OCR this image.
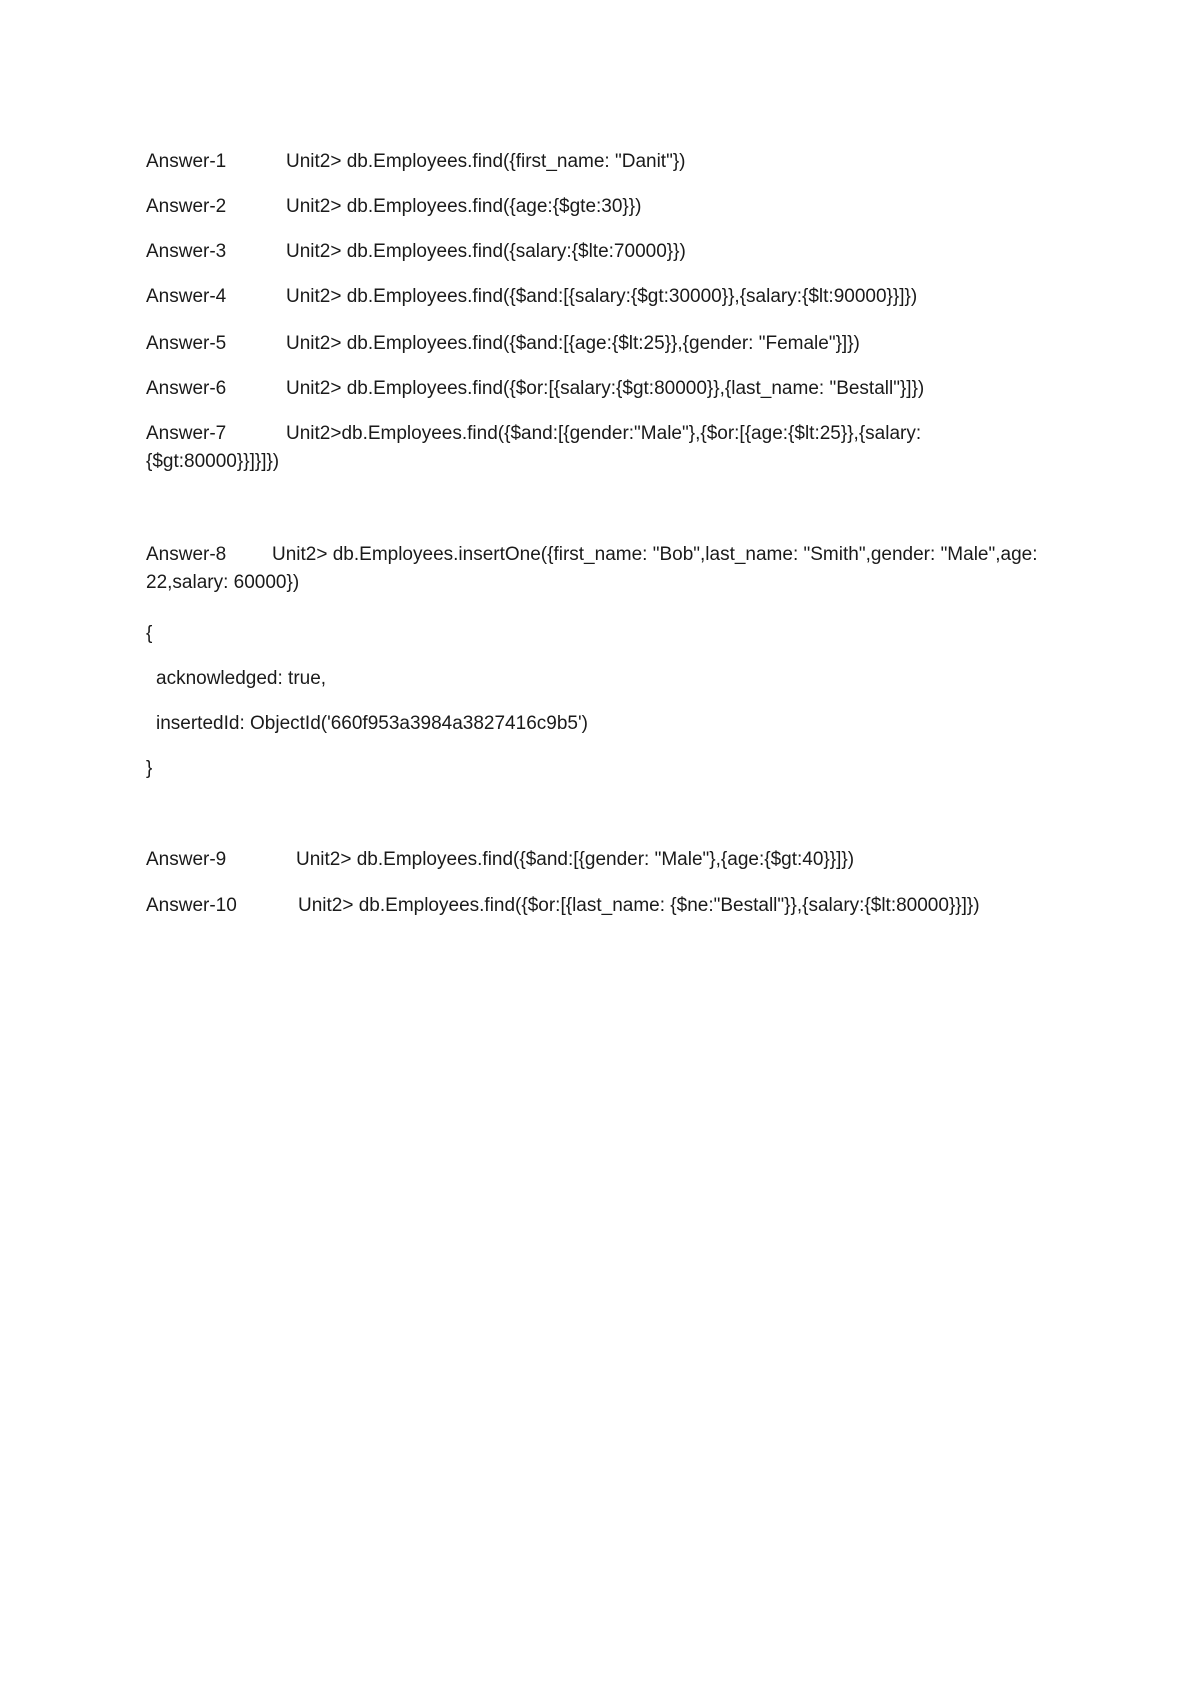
Answer-1	Unit2> db.Employees.find({first_name: "Danit"})
Answer-2	Unit2> db.Employees.find({age:{$gte:30}})
Answer-3	Unit2> db.Employees.find({salary:{$lte:70000}})
Answer-4	Unit2> db.Employees.find({$and:[{salary:{$gt:30000}},{salary:{$lt:90000}}]})
Answer-5	Unit2> db.Employees.find({$and:[{age:{$lt:25}},{gender: "Female"}]})
Answer-6	Unit2> db.Employees.find({$or:[{salary:{$gt:80000}},{last_name: "Bestall"}]})
Answer-7	Unit2>db.Employees.find({$and:[{gender:"Male"},{$or:[{age:{$lt:25}},{salary: {$gt:80000}}]}]})
Answer-8 Unit2> db.Employees.insertOne({first_name: "Bob",last_name: "Smith",gender: "Male",age: 22,salary: 60000})
{
acknowledged: true,
insertedId: ObjectId('660f953a3984a3827416c9b5')
}
Answer-9	Unit2> db.Employees.find({$and:[{gender: "Male"},{age:{$gt:40}}]})
Answer-10	Unit2> db.Employees.find({$or:[{last_name: {$ne:"Bestall"}},{salary:{$lt:80000}}]})
